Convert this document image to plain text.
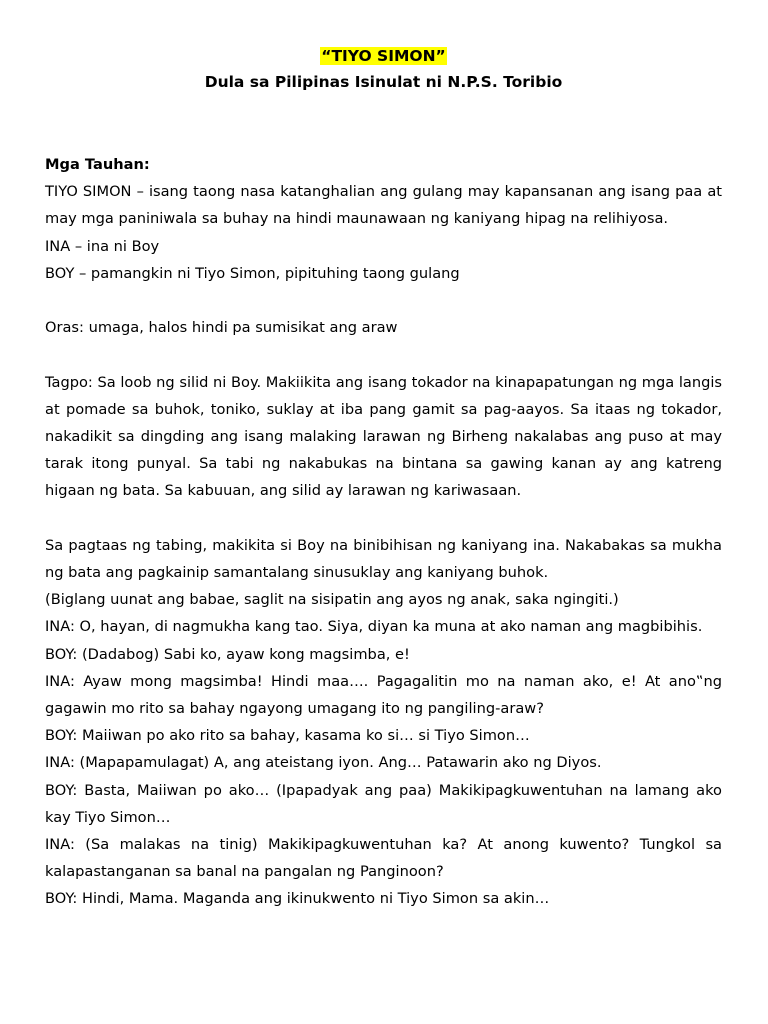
“TIYO SIMON”

Dula sa Pilipinas Isinulat ni N.P.S. Toribio

Mga Tauhan:

TIYO SIMON – isang taong nasa katanghalian ang gulang may kapansanan ang isang paa at may mga paniniwala sa buhay na hindi maunawaan ng kaniyang hipag na relihiyosa.

INA – ina ni Boy

BOY – pamangkin ni Tiyo Simon, pipituhing taong gulang

Oras: umaga, halos hindi pa sumisikat ang araw

Tagpo: Sa loob ng silid ni Boy. Makiikita ang isang tokador na kinapapatungan ng mga langis at pomade sa buhok, toniko, suklay at iba pang gamit sa pag-aayos. Sa itaas ng tokador, nakadikit sa dingding ang isang malaking larawan ng Birheng nakalabas ang puso at may tarak itong punyal. Sa tabi ng nakabukas na bintana sa gawing kanan ay ang katreng higaan ng bata. Sa kabuuan, ang silid ay larawan ng kariwasaan.

Sa pagtaas ng tabing, makikita si Boy na binibihisan ng kaniyang ina. Nakabakas sa mukha ng bata ang pagkainip samantalang sinusuklay ang kaniyang buhok.

(Biglang uunat ang babae, saglit na sisipatin ang ayos ng anak, saka ngingiti.)

INA: O, hayan, di nagmukha kang tao. Siya, diyan ka muna at ako naman ang magbibihis.

BOY: (Dadabog) Sabi ko, ayaw kong magsimba, e!

INA: Ayaw mong magsimba! Hindi maa…. Pagagalitin mo na naman ako, e! At ano‟ng gagawin mo rito sa bahay ngayong umagang ito ng pangiling-araw?

BOY: Maiiwan po ako rito sa bahay, kasama ko si… si Tiyo Simon…

INA: (Mapapamulagat) A, ang ateistang iyon. Ang… Patawarin ako ng Diyos.

BOY: Basta, Maiiwan po ako… (Ipapadyak ang paa) Makikipagkuwentuhan na lamang ako kay Tiyo Simon…

INA: (Sa malakas na tinig) Makikipagkuwentuhan ka? At anong kuwento? Tungkol sa kalapastanganan sa banal na pangalan ng Panginoon?

BOY: Hindi, Mama. Maganda ang ikinukwento ni Tiyo Simon sa akin…
